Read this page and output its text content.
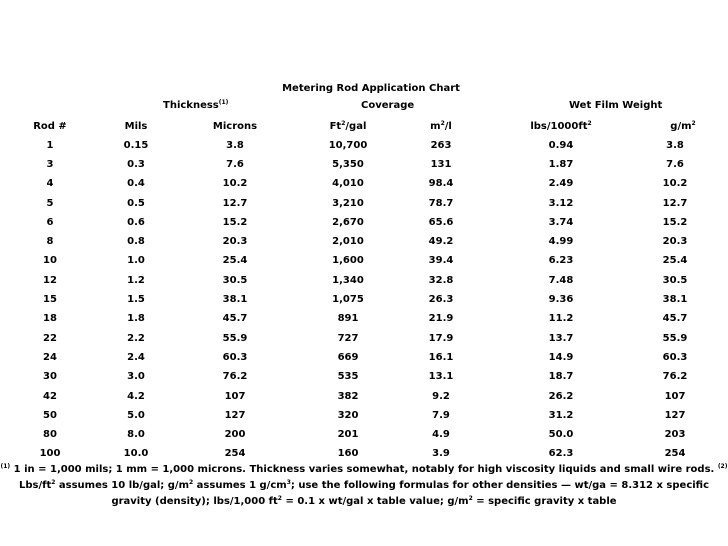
Metering Rod Application Chart
Thickness$^{(1)}$	Coverage	Wet Film Weight
Rod #	Mils	Microns	Ft$^2$/gal	$m^2/l$	lbs/$1000ft^2$	$g/m^2$
1	0.15	3.8	10,700	263	0.94	3.8
3	0.3	7.6	5,350	131	1.87	7.6
4	0.4	10.2	4,010	98.4	2.49	10.2
5	0.5	12.7	3,210	78.7	3.12	12.7
6	0.6	15.2	2,670	65.6	3.74	15.2
8	0.8	20.3	2,010	49.2	4.99	20.3
10	1.0	25.4	1,600	39.4	6.23	25.4
12	1.2	30.5	1,340	32.8	7.48	30.5
15	1.5	38.1	1,075	26.3	9.36	38.1
18	1.8	45.7	891	21.9	11.2	45.7
22	2.2	55.9	727	17.9	13.7	55.9
24	2.4	60.3	669	16.1	14.9	60.3
30	3.0	76.2	535	13.1	18.7	76.2
42	4.2	107	382	9.2	26.2	107
50	5.0	127	320	7.9	31.2	127
80	8.0	200	201	4.9	50.0	203
100	10.0	254	160	3.9	62.3	254
$^{(1)}$ 1 in = 1,000 mils; 1 mm = 1,000 microns. Thickness varies somewhat, notably for high viscosity liquids and small wire rods. $^{(2)}$ Lbs/$ft^2$ assumes 10 lb/gal; $g/m^2$ assumes 1 $g/cm^3$; use the following formulas for other densities — wt/ga = 8.312 x specific gravity (density); lbs/1,000 $ft^2 = 0.1$ x wt/gal x table value; $g/m^2$ = specific gravity x table
